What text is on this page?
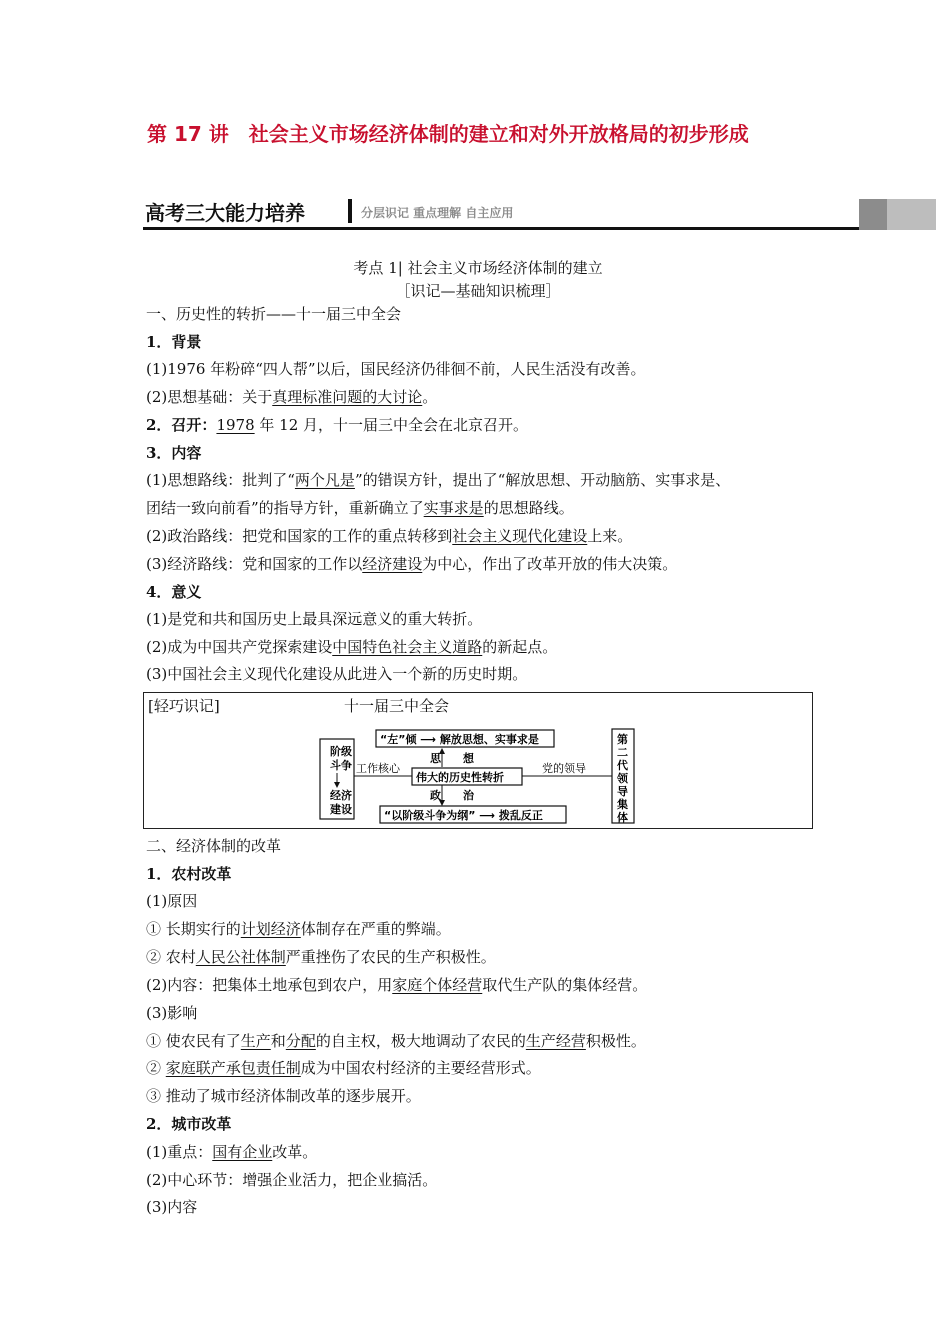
第 17 讲　社会主义市场经济体制的建立和对外开放格局的初步形成
高考三大能力培养	分层识记 重点理解 自主应用
考点 1| 社会主义市场经济体制的建立
［识记—基础知识梳理］
一、历史性的转折——十一届三中全会
1．背景
(1)1976 年粉碎“四人帮”以后，国民经济仍徘徊不前，人民生活没有改善。
(2)思想基础：关于真理标准问题的大讨论。
2．召开：1978 年 12 月，十一届三中全会在北京召开。
3．内容
(1)思想路线：批判了“两个凡是”的错误方针，提出了“解放思想、开动脑筋、实事求是、
团结一致向前看”的指导方针，重新确立了实事求是的思想路线。
(2)政治路线：把党和国家的工作的重点转移到社会主义现代化建设上来。
(3)经济路线：党和国家的工作以经济建设为中心，作出了改革开放的伟大决策。
4．意义
(1)是党和共和国历史上最具深远意义的重大转折。
(2)成为中国共产党探索建设中国特色社会主义道路的新起点。
(3)中国社会主义现代化建设从此进入一个新的历史时期。
[轻巧识记]	十一届三中全会
阶级
斗争
经济
建设
工作核心
“左”倾 ⟶ 解放思想、实事求是
思　　想
政　　治
伟大的历史性转折
党的领导
“以阶级斗争为纲” ⟶ 拨乱反正
第
二
代
领
导
集
体
二、经济体制的改革
1．农村改革
(1)原因
① 长期实行的计划经济体制存在严重的弊端。
② 农村人民公社体制严重挫伤了农民的生产积极性。
(2)内容：把集体土地承包到农户，用家庭个体经营取代生产队的集体经营。
(3)影响
① 使农民有了生产和分配的自主权，极大地调动了农民的生产经营积极性。
② 家庭联产承包责任制成为中国农村经济的主要经营形式。
③ 推动了城市经济体制改革的逐步展开。
2．城市改革
(1)重点：国有企业改革。
(2)中心环节：增强企业活力，把企业搞活。
(3)内容
